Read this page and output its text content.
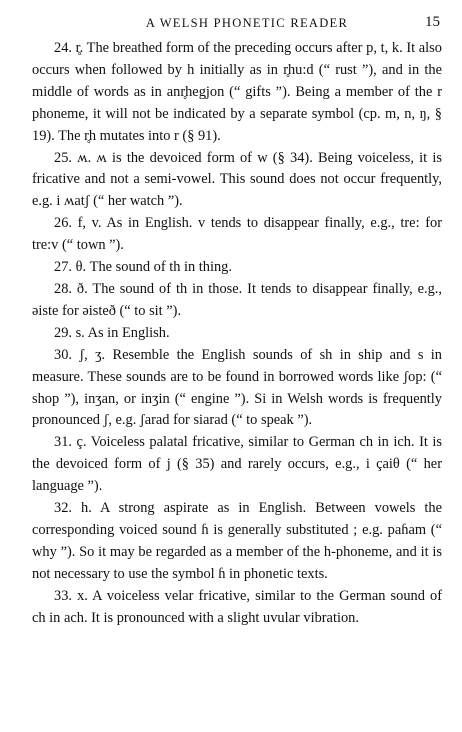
A WELSH PHONETIC READER	15

24. r̥. The breathed form of the preceding occurs after p, t, k. It also occurs when followed by h initially as in r̥hu:d (“ rust ”), and in the middle of words as in anr̥hegjon (“ gifts ”). Being a member of the r phoneme, it will not be indicated by a separate symbol (cp. m, n, ŋ, § 19). The r̥h mutates into r (§ 91).

25. ʍ. ʍ is the devoiced form of w (§ 34). Being voiceless, it is fricative and not a semi-vowel. This sound does not occur frequently, e.g. i ʍatʃ (“ her watch ”).

26. f, v. As in English. v tends to disappear finally, e.g., tre: for tre:v (“ town ”).

27. θ. The sound of th in thing.

28. ð. The sound of th in those. It tends to disappear finally, e.g., əiste for əisteð (“ to sit ”).

29. s. As in English.

30. ʃ, ʒ. Resemble the English sounds of sh in ship and s in measure. These sounds are to be found in borrowed words like ʃop: (“ shop ”), inʒan, or inʒin (“ engine ”). Si in Welsh words is frequently pronounced ʃ, e.g. ʃarad for siarad (“ to speak ”).

31. ç. Voiceless palatal fricative, similar to German ch in ich. It is the devoiced form of j (§ 35) and rarely occurs, e.g., i çaiθ (“ her language ”).

32. h. A strong aspirate as in English. Between vowels the corresponding voiced sound ɦ is generally substituted ; e.g. paɦam (“ why ”). So it may be regarded as a member of the h-phoneme, and it is not necessary to use the symbol ɦ in phonetic texts.

33. x. A voiceless velar fricative, similar to the German sound of ch in ach. It is pronounced with a slight uvular vibration.
